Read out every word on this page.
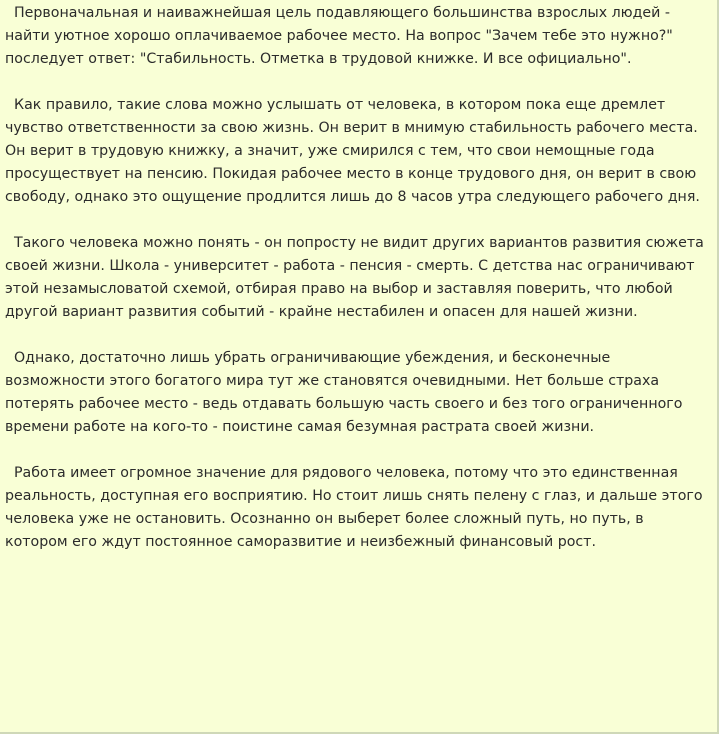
Первоначальная и наиважнейшая цель подавляющего большинства взрослых людей - найти уютное хорошо оплачиваемое рабочее место. На вопрос "Зачем тебе это нужно?" последует ответ: "Стабильность. Отметка в трудовой книжке. И все официально".

Как правило, такие слова можно услышать от человека, в котором пока еще дремлет чувство ответственности за свою жизнь. Он верит в мнимую стабильность рабочего места. Он верит в трудовую книжку, а значит, уже смирился с тем, что свои немощные года просуществует на пенсию. Покидая рабочее место в конце трудового дня, он верит в свою свободу, однако это ощущение продлится лишь до 8 часов утра следующего рабочего дня.

Такого человека можно понять - он попросту не видит других вариантов развития сюжета своей жизни. Школа - университет - работа - пенсия - смерть. С детства нас ограничивают этой незамысловатой схемой, отбирая право на выбор и заставляя поверить, что любой другой вариант развития событий - крайне нестабилен и опасен для нашей жизни.

Однако, достаточно лишь убрать ограничивающие убеждения, и бесконечные возможности этого богатого мира тут же становятся очевидными. Нет больше страха потерять рабочее место - ведь отдавать большую часть своего и без того ограниченного времени работе на кого-то - поистине самая безумная растрата своей жизни.

Работа имеет огромное значение для рядового человека, потому что это единственная реальность, доступная его восприятию. Но стоит лишь снять пелену с глаз, и дальше этого человека уже не остановить. Осознанно он выберет более сложный путь, но путь, в котором его ждут постоянное саморазвитие и неизбежный финансовый рост.
